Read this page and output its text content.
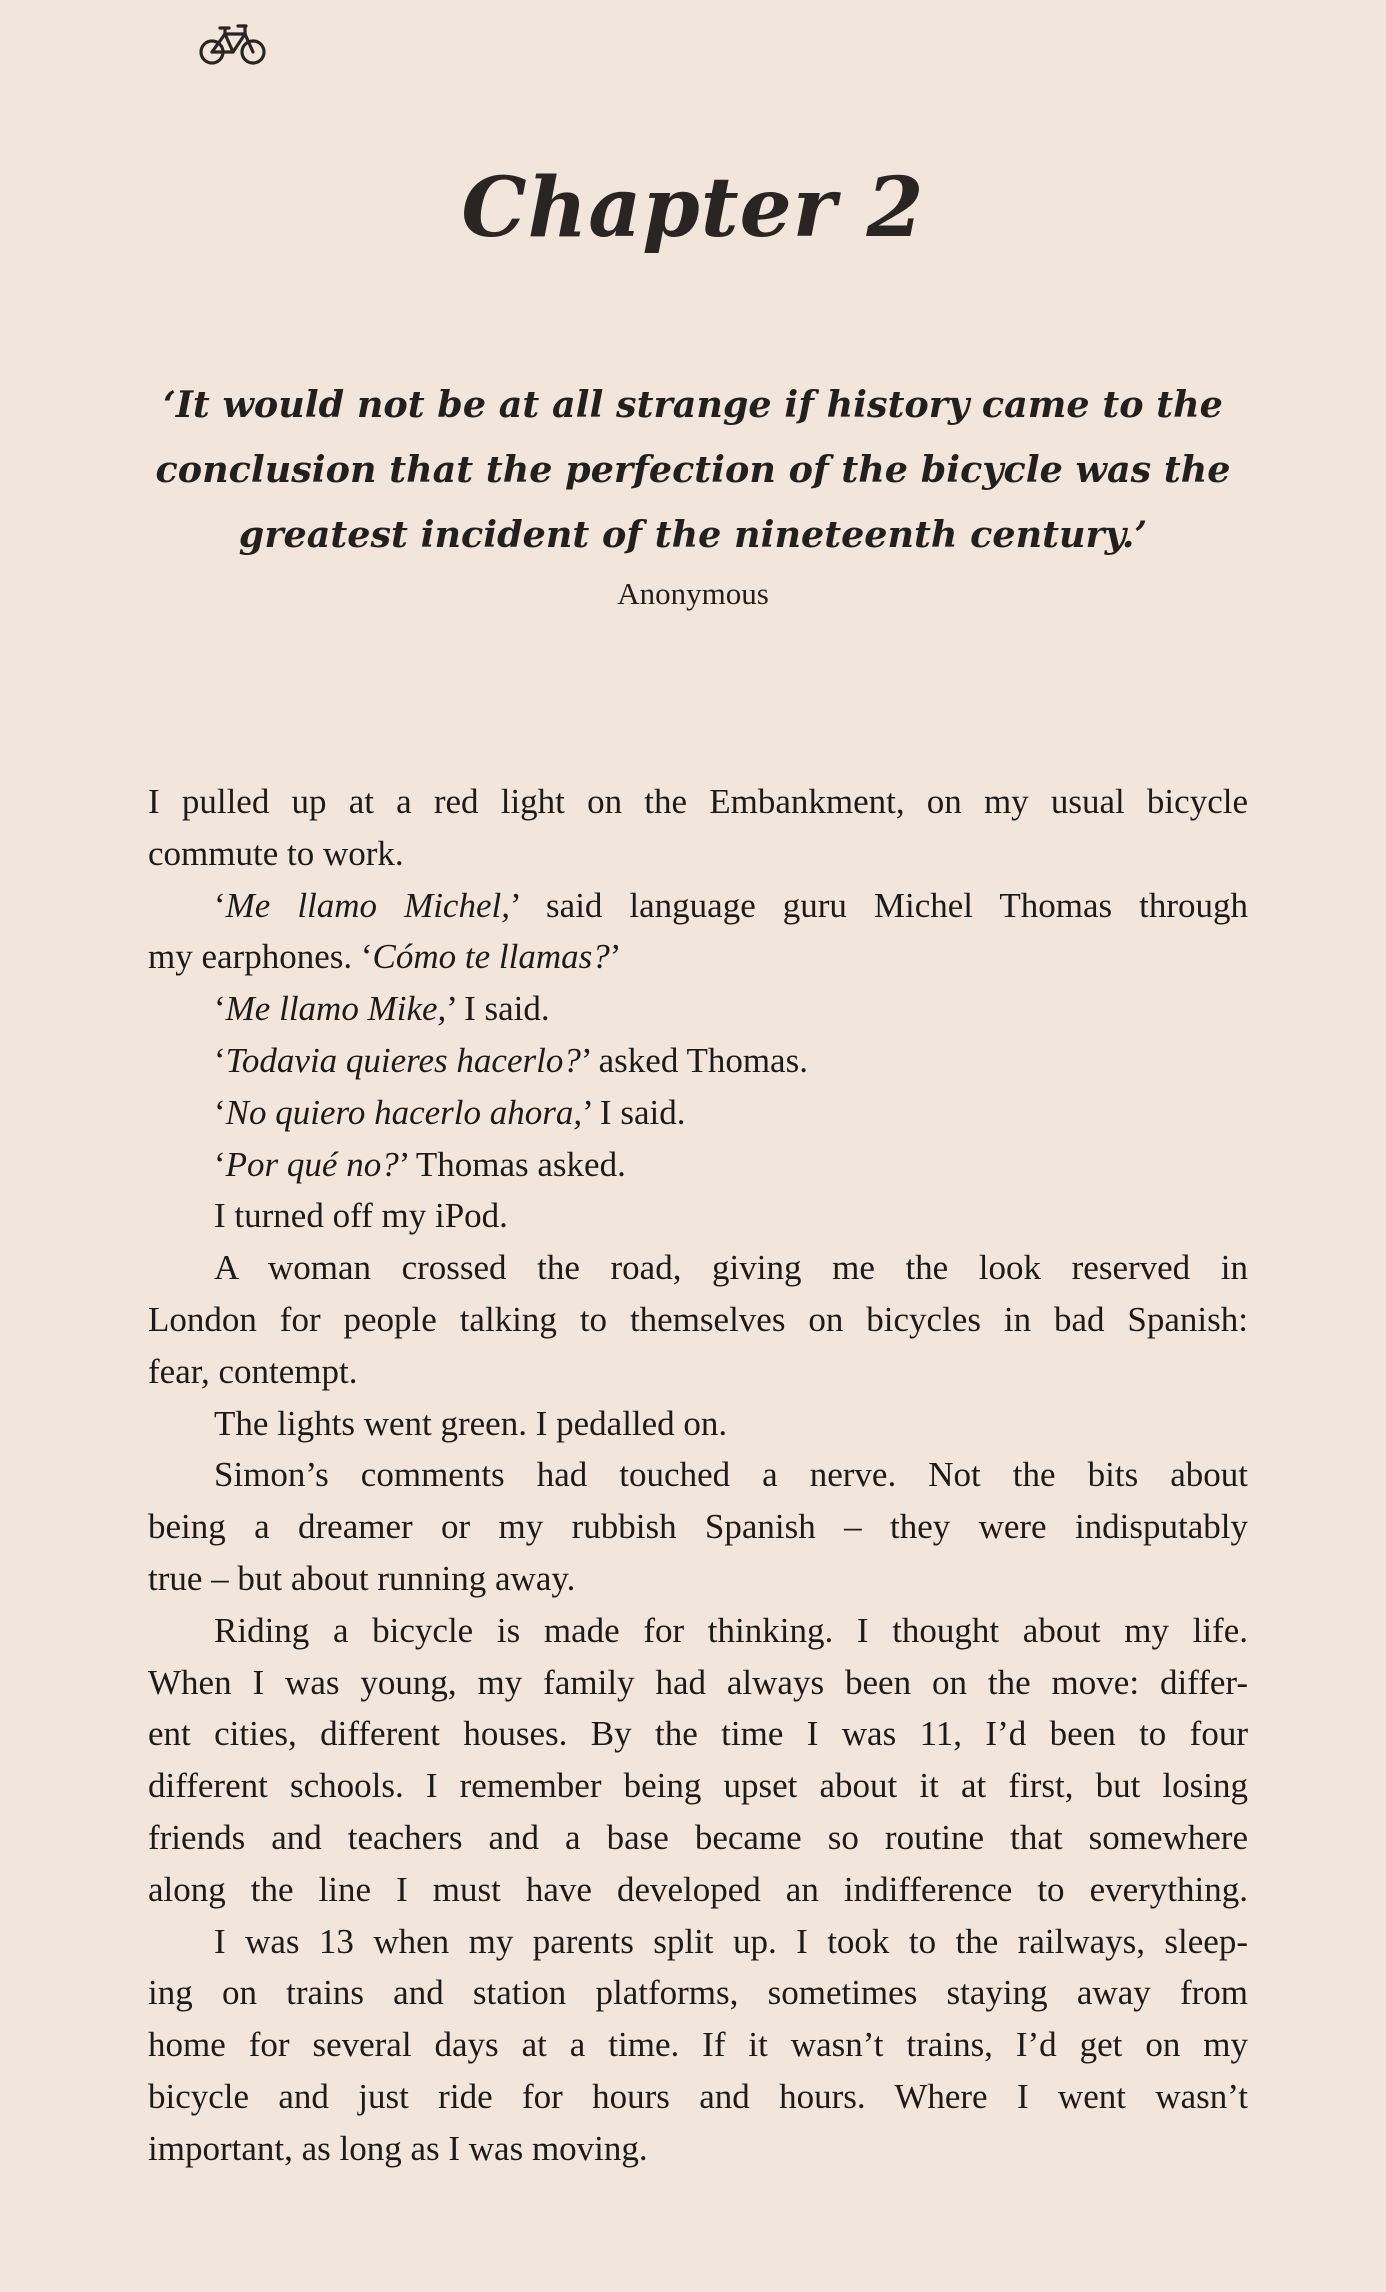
Chapter 2
‘It would not be at all strange if history came to the
conclusion that the perfection of the bicycle was the
greatest incident of the nineteenth century.’
Anonymous
I pulled up at a red light on the Embankment, on my usual bicycle
commute to work.
‘Me llamo Michel,’ said language guru Michel Thomas through
my earphones. ‘Cómo te llamas?’
‘Me llamo Mike,’ I said.
‘Todavia quieres hacerlo?’ asked Thomas.
‘No quiero hacerlo ahora,’ I said.
‘Por qué no?’ Thomas asked.
I turned off my iPod.
A woman crossed the road, giving me the look reserved in
London for people talking to themselves on bicycles in bad Spanish:
fear, contempt.
The lights went green. I pedalled on.
Simon’s comments had touched a nerve. Not the bits about
being a dreamer or my rubbish Spanish – they were indisputably
true – but about running away.
Riding a bicycle is made for thinking. I thought about my life.
When I was young, my family had always been on the move: differ-
ent cities, different houses. By the time I was 11, I’d been to four
different schools. I remember being upset about it at first, but losing
friends and teachers and a base became so routine that somewhere
along the line I must have developed an indifference to everything.
I was 13 when my parents split up. I took to the railways, sleep-
ing on trains and station platforms, sometimes staying away from
home for several days at a time. If it wasn’t trains, I’d get on my
bicycle and just ride for hours and hours. Where I went wasn’t
important, as long as I was moving.
